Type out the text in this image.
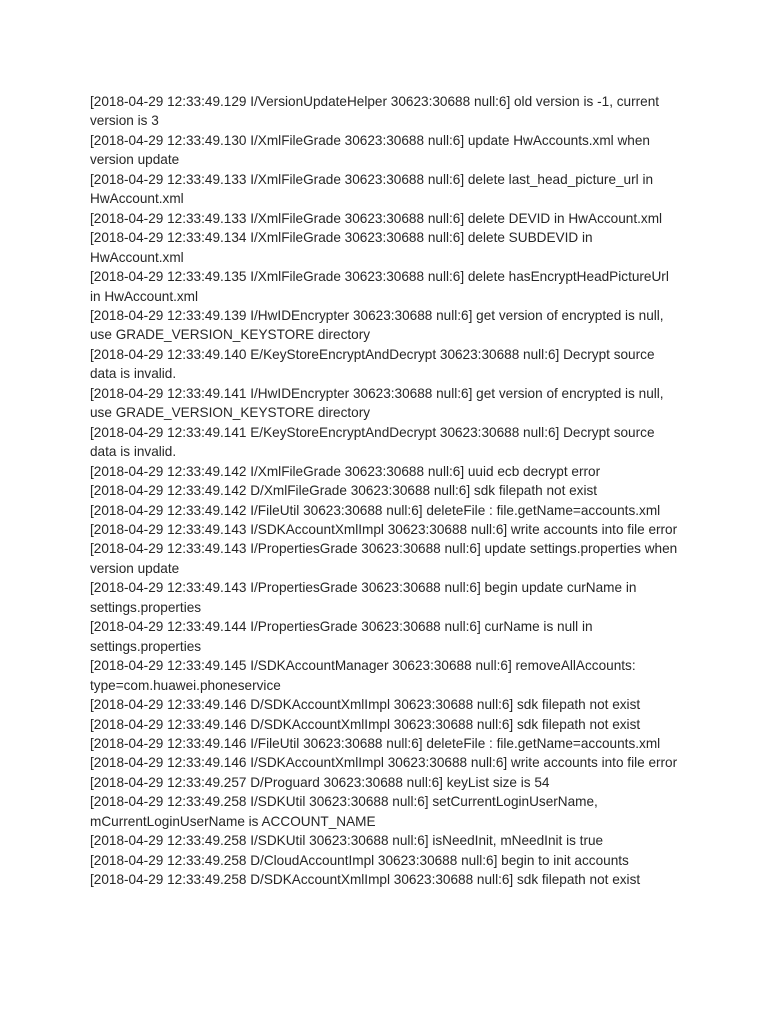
[2018-04-29 12:33:49.129 I/VersionUpdateHelper 30623:30688 null:6] old version is -1, current version is 3

[2018-04-29 12:33:49.130 I/XmlFileGrade 30623:30688 null:6] update HwAccounts.xml when version update

[2018-04-29 12:33:49.133 I/XmlFileGrade 30623:30688 null:6] delete last_head_picture_url in HwAccount.xml

[2018-04-29 12:33:49.133 I/XmlFileGrade 30623:30688 null:6] delete DEVID in HwAccount.xml

[2018-04-29 12:33:49.134 I/XmlFileGrade 30623:30688 null:6] delete SUBDEVID in HwAccount.xml

[2018-04-29 12:33:49.135 I/XmlFileGrade 30623:30688 null:6] delete hasEncryptHeadPictureUrl in HwAccount.xml

[2018-04-29 12:33:49.139 I/HwIDEncrypter 30623:30688 null:6] get version of encrypted is null, use GRADE_VERSION_KEYSTORE directory

[2018-04-29 12:33:49.140 E/KeyStoreEncryptAndDecrypt 30623:30688 null:6] Decrypt source data is invalid.

[2018-04-29 12:33:49.141 I/HwIDEncrypter 30623:30688 null:6] get version of encrypted is null, use GRADE_VERSION_KEYSTORE directory

[2018-04-29 12:33:49.141 E/KeyStoreEncryptAndDecrypt 30623:30688 null:6] Decrypt source data is invalid.

[2018-04-29 12:33:49.142 I/XmlFileGrade 30623:30688 null:6] uuid ecb decrypt error

[2018-04-29 12:33:49.142 D/XmlFileGrade 30623:30688 null:6] sdk filepath not exist

[2018-04-29 12:33:49.142 I/FileUtil 30623:30688 null:6] deleteFile : file.getName=accounts.xml

[2018-04-29 12:33:49.143 I/SDKAccountXmlImpl 30623:30688 null:6] write accounts into file error

[2018-04-29 12:33:49.143 I/PropertiesGrade 30623:30688 null:6] update settings.properties when version update

[2018-04-29 12:33:49.143 I/PropertiesGrade 30623:30688 null:6] begin update curName in settings.properties

[2018-04-29 12:33:49.144 I/PropertiesGrade 30623:30688 null:6] curName is null in settings.properties

[2018-04-29 12:33:49.145 I/SDKAccountManager 30623:30688 null:6] removeAllAccounts: type=com.huawei.phoneservice

[2018-04-29 12:33:49.146 D/SDKAccountXmlImpl 30623:30688 null:6] sdk filepath not exist

[2018-04-29 12:33:49.146 D/SDKAccountXmlImpl 30623:30688 null:6] sdk filepath not exist

[2018-04-29 12:33:49.146 I/FileUtil 30623:30688 null:6] deleteFile : file.getName=accounts.xml

[2018-04-29 12:33:49.146 I/SDKAccountXmlImpl 30623:30688 null:6] write accounts into file error

[2018-04-29 12:33:49.257 D/Proguard 30623:30688 null:6] keyList size is 54

[2018-04-29 12:33:49.258 I/SDKUtil 30623:30688 null:6] setCurrentLoginUserName, mCurrentLoginUserName is ACCOUNT_NAME

[2018-04-29 12:33:49.258 I/SDKUtil 30623:30688 null:6] isNeedInit, mNeedInit is true

[2018-04-29 12:33:49.258 D/CloudAccountImpl 30623:30688 null:6] begin to init accounts

[2018-04-29 12:33:49.258 D/SDKAccountXmlImpl 30623:30688 null:6] sdk filepath not exist
